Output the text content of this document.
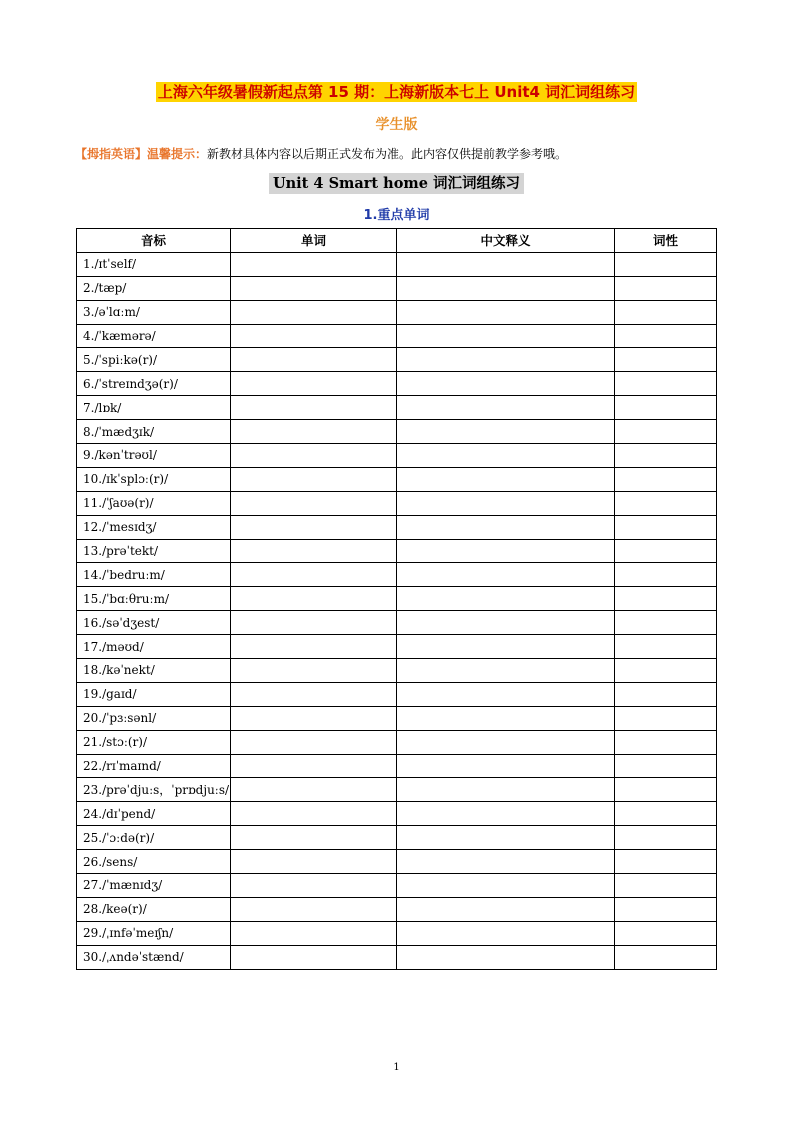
上海六年级暑假新起点第 15 期：上海新版本七上 Unit4 词汇词组练习
学生版
【拇指英语】温馨提示：新教材具体内容以后期正式发布为准。此内容仅供提前教学参考哦。
Unit 4 Smart home 词汇词组练习
1.重点单词
音标	单词	中文释义	词性
1./ɪtˈself/			
2./tæp/			
3./əˈlɑːm/			
4./ˈkæmərə/			
5./ˈspiːkə(r)/			
6./ˈstreɪndʒə(r)/			
7./lɒk/			
8./ˈmædʒɪk/			
9./kənˈtrəʊl/			
10./ɪkˈsplɔː(r)/			
11./ˈʃaʊə(r)/			
12./ˈmesɪdʒ/			
13./prəˈtekt/			
14./ˈbedruːm/			
15./ˈbɑːθruːm/			
16./səˈdʒest/			
17./məʊd/			
18./kəˈnekt/			
19./gaɪd/			
20./ˈpɜːsənl/			
21./stɔː(r)/			
22./rɪˈmaɪnd/			
23./prəˈdjuːs，ˈprɒdjuːs/			
24./dɪˈpend/			
25./ˈɔːdə(r)/			
26./sens/			
27./ˈmænɪdʒ/			
28./keə(r)/			
29./ˌɪnfəˈmeɪʃn/			
30./ˌʌndəˈstænd/			
1
